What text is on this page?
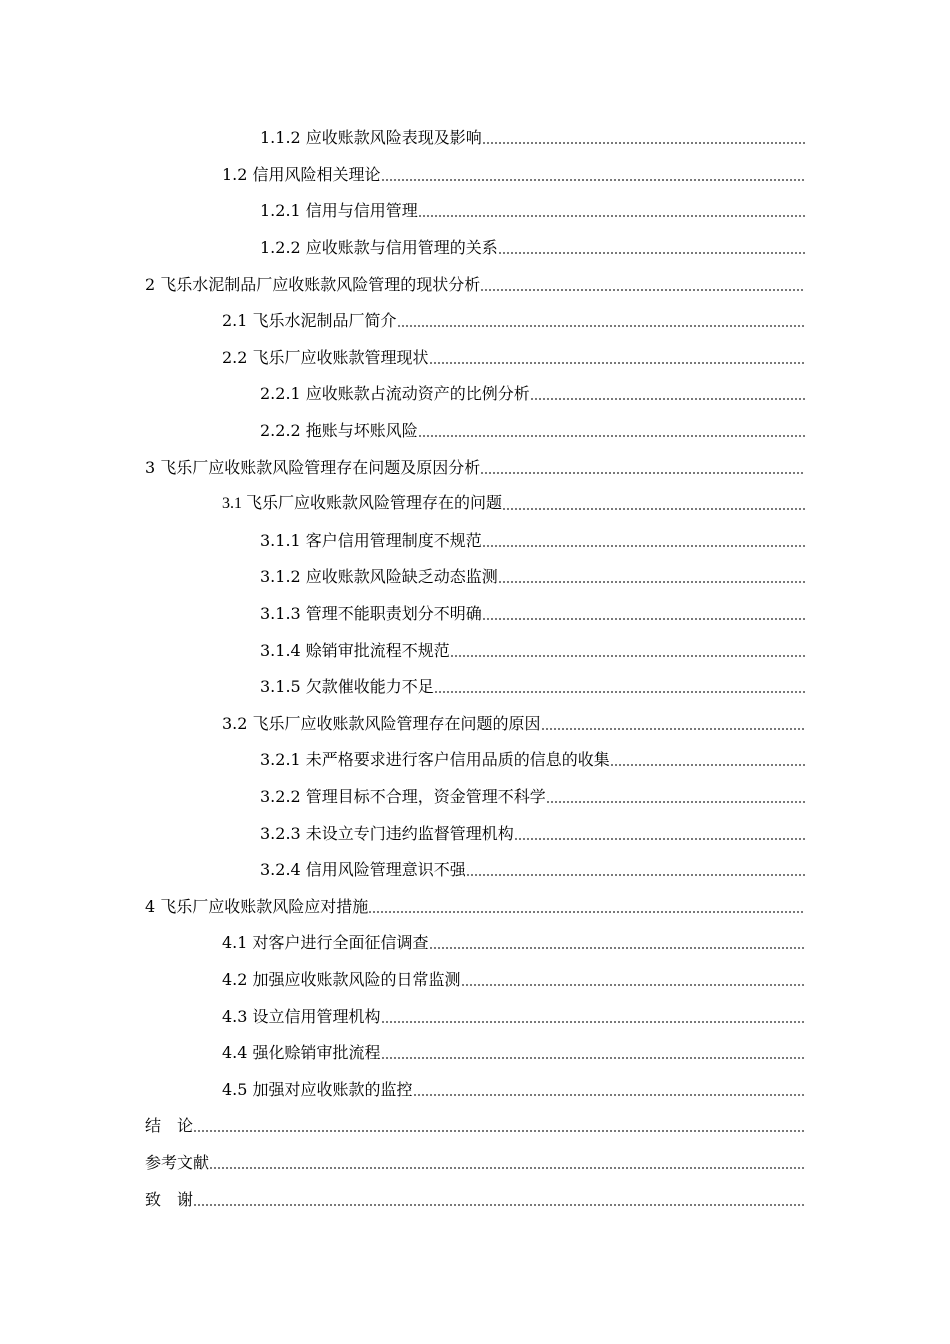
1.1.2 应收账款风险表现及影响
1.2 信用风险相关理论
1.2.1 信用与信用管理
1.2.2 应收账款与信用管理的关系
2 飞乐水泥制品厂应收账款风险管理的现状分析
2.1 飞乐水泥制品厂简介
2.2 飞乐厂应收账款管理现状
2.2.1 应收账款占流动资产的比例分析
2.2.2 拖账与坏账风险
3 飞乐厂应收账款风险管理存在问题及原因分析
3.1 飞乐厂应收账款风险管理存在的问题
3.1.1 客户信用管理制度不规范
3.1.2 应收账款风险缺乏动态监测
3.1.3 管理不能职责划分不明确
3.1.4 赊销审批流程不规范
3.1.5 欠款催收能力不足
3.2 飞乐厂应收账款风险管理存在问题的原因
3.2.1 未严格要求进行客户信用品质的信息的收集
3.2.2 管理目标不合理，资金管理不科学
3.2.3 未设立专门违约监督管理机构
3.2.4 信用风险管理意识不强
4 飞乐厂应收账款风险应对措施
4.1 对客户进行全面征信调查
4.2 加强应收账款风险的日常监测
4.3 设立信用管理机构
4.4 强化赊销审批流程
4.5 加强对应收账款的监控
结　论
参考文献
致　谢
